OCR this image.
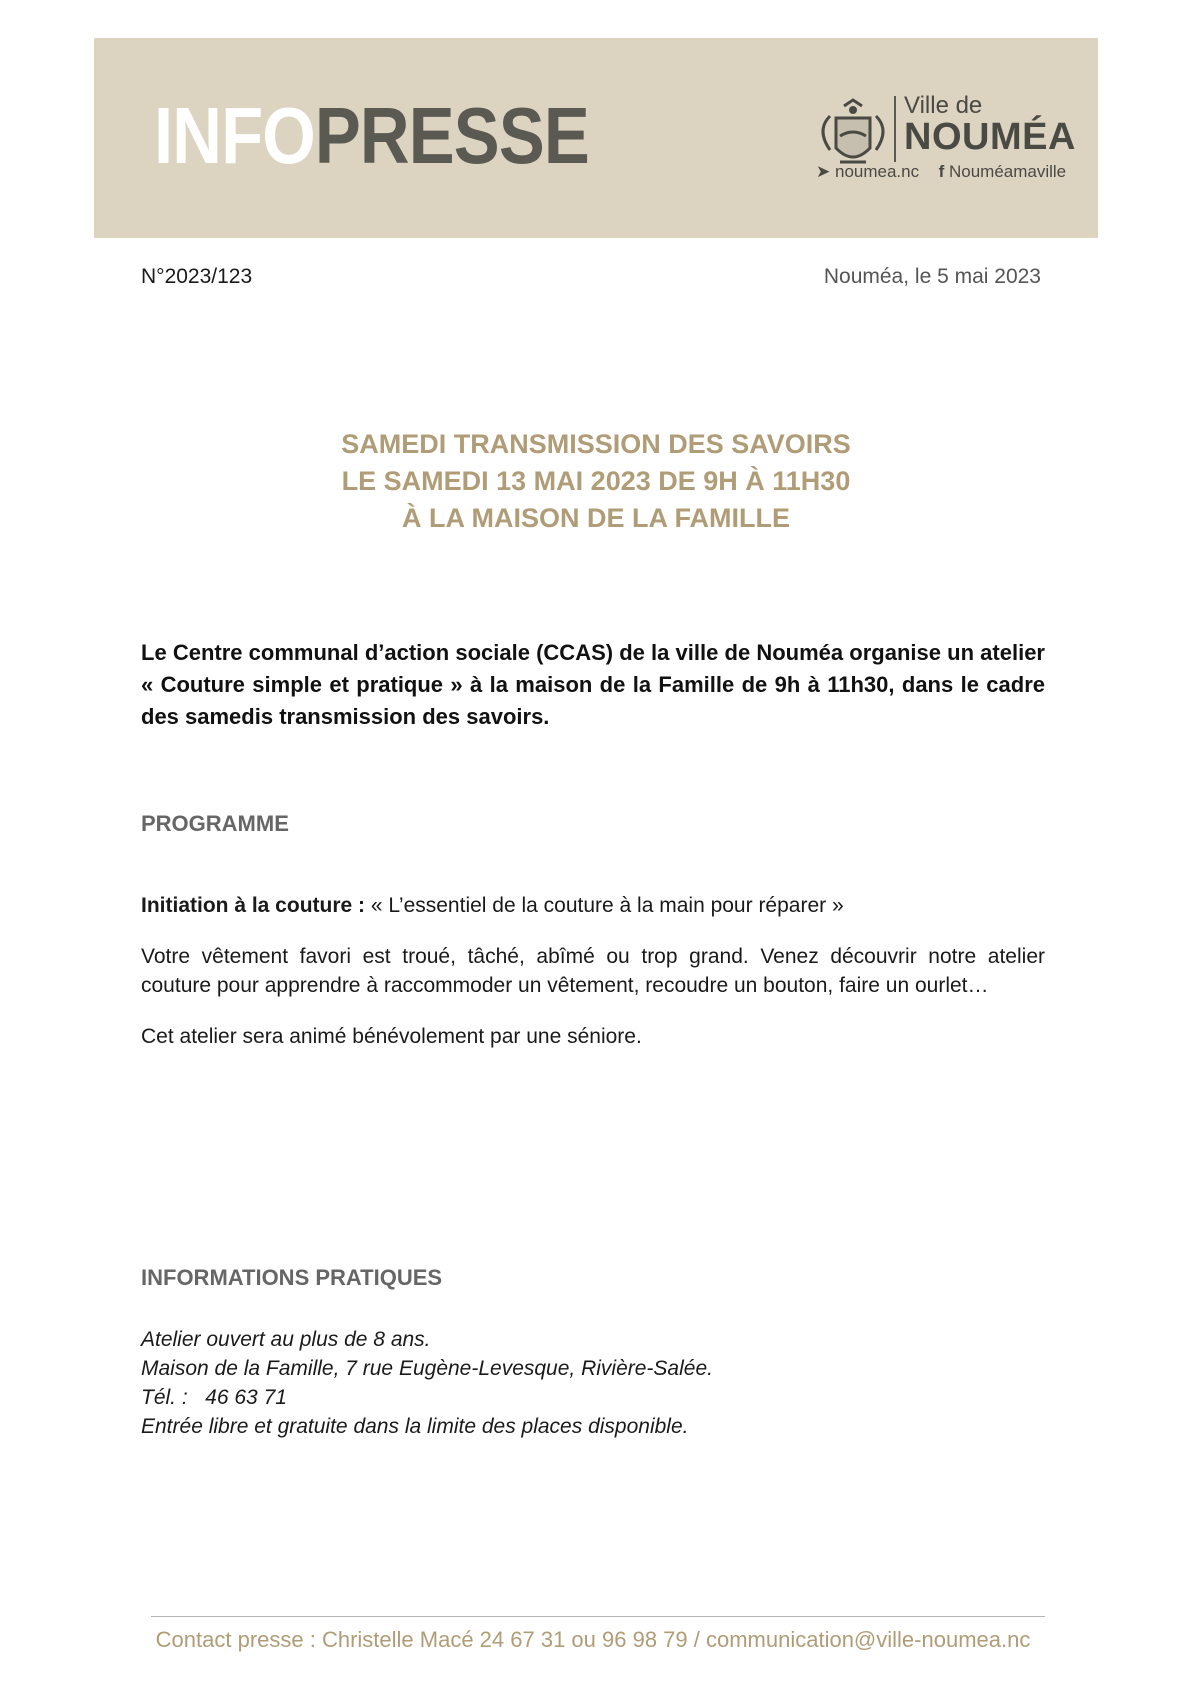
INFOPRESSE	Ville de
NOUMÉA
➤ noumea.nc f Nouméamaville
N°2023/123	Nouméa, le 5 mai 2023
SAMEDI TRANSMISSION DES SAVOIRS
LE SAMEDI 13 MAI 2023 DE 9H À 11H30
À LA MAISON DE LA FAMILLE
Le Centre communal d’action sociale (CCAS) de la ville de Nouméa organise un atelier « Couture simple et pratique » à la maison de la Famille de 9h à 11h30, dans le cadre des samedis transmission des savoirs.
PROGRAMME
Initiation à la couture : « L’essentiel de la couture à la main pour réparer »
Votre vêtement favori est troué, tâché, abîmé ou trop grand. Venez découvrir notre atelier couture pour apprendre à raccommoder un vêtement, recoudre un bouton, faire un ourlet…
Cet atelier sera animé bénévolement par une séniore.
INFORMATIONS PRATIQUES
Atelier ouvert au plus de 8 ans.
Maison de la Famille, 7 rue Eugène-Levesque, Rivière-Salée.
Tél. :   46 63 71
Entrée libre et gratuite dans la limite des places disponible.
Contact presse : Christelle Macé 24 67 31 ou 96 98 79 / communication@ville-noumea.nc
